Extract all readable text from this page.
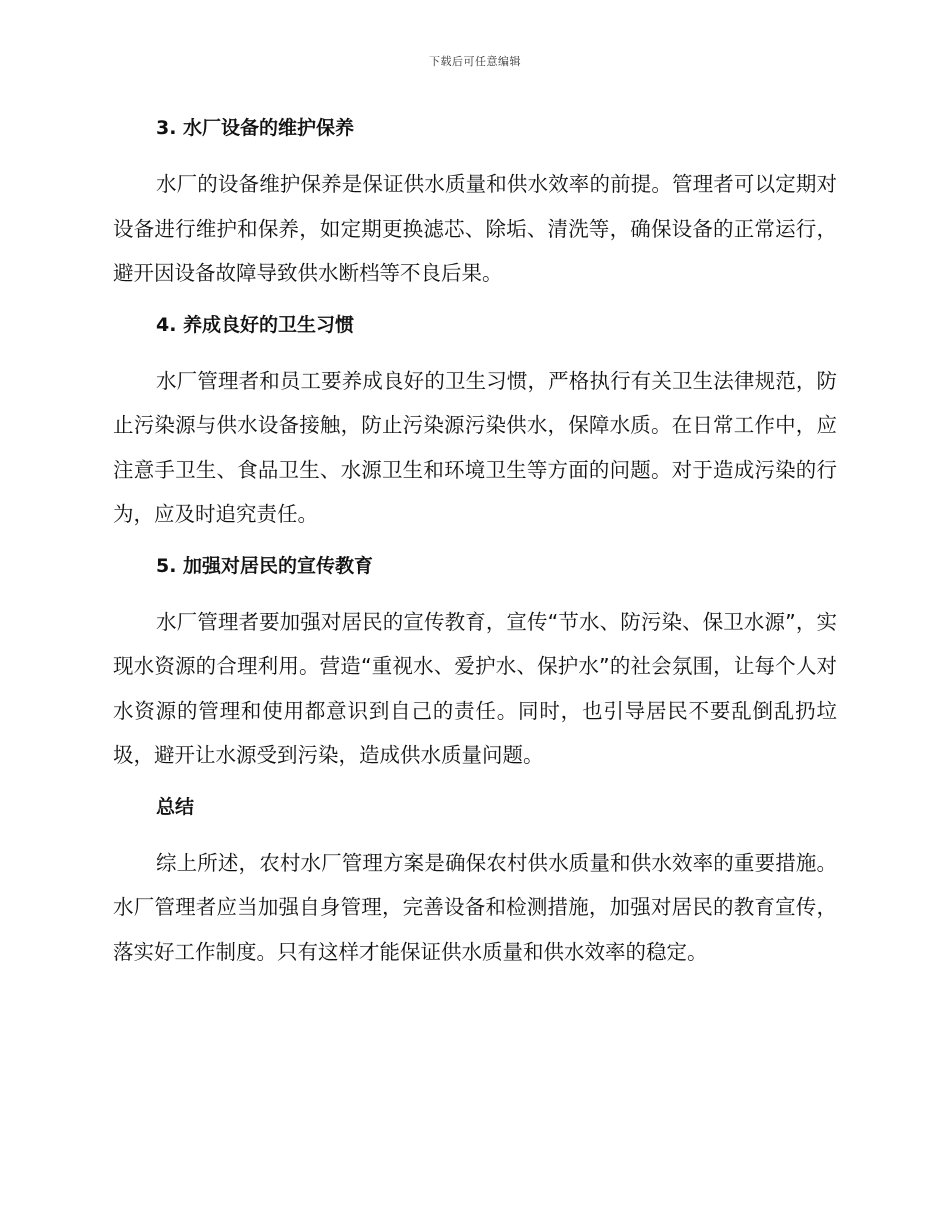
下载后可任意编辑
3. 水厂设备的维护保养

水厂的设备维护保养是保证供水质量和供水效率的前提。管理者可以定期对设备进行维护和保养，如定期更换滤芯、除垢、清洗等，确保设备的正常运行，避开因设备故障导致供水断档等不良后果。

4. 养成良好的卫生习惯

水厂管理者和员工要养成良好的卫生习惯，严格执行有关卫生法律规范，防止污染源与供水设备接触，防止污染源污染供水，保障水质。在日常工作中，应注意手卫生、食品卫生、水源卫生和环境卫生等方面的问题。对于造成污染的行为，应及时追究责任。

5. 加强对居民的宣传教育

水厂管理者要加强对居民的宣传教育，宣传“节水、防污染、保卫水源”，实现水资源的合理利用。营造“重视水、爱护水、保护水”的社会氛围，让每个人对水资源的管理和使用都意识到自己的责任。同时，也引导居民不要乱倒乱扔垃圾，避开让水源受到污染，造成供水质量问题。

总结

综上所述，农村水厂管理方案是确保农村供水质量和供水效率的重要措施。水厂管理者应当加强自身管理，完善设备和检测措施，加强对居民的教育宣传，落实好工作制度。只有这样才能保证供水质量和供水效率的稳定。
